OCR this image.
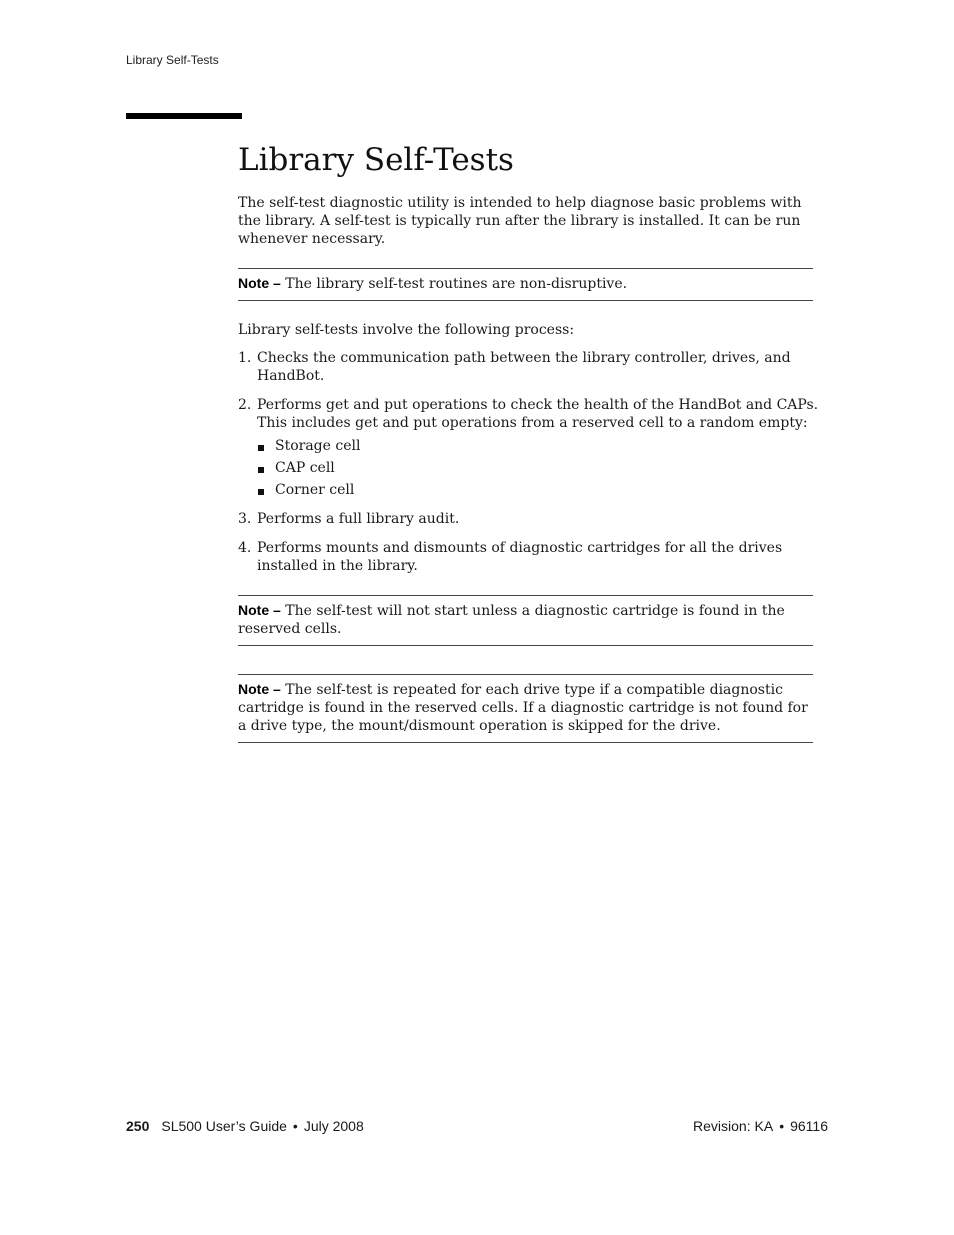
Library Self-Tests
Library Self-Tests

The self-test diagnostic utility is intended to help diagnose basic problems with the library. A self-test is typically run after the library is installed. It can be run whenever necessary.

Note – The library self-test routines are non-disruptive.

Library self-tests involve the following process:

1. Checks the communication path between the library controller, drives, and HandBot.
2. Performs get and put operations to check the health of the HandBot and CAPs. This includes get and put operations from a reserved cell to a random empty:
Storage cell
CAP cell
Corner cell
3. Performs a full library audit.
4. Performs mounts and dismounts of diagnostic cartridges for all the drives installed in the library.
Note – The self-test will not start unless a diagnostic cartridge is found in the reserved cells.
Note – The self-test is repeated for each drive type if a compatible diagnostic cartridge is found in the reserved cells. If a diagnostic cartridge is not found for a drive type, the mount/dismount operation is skipped for the drive.
250 SL500 User’s Guide • July 2008	Revision: KA • 96116
